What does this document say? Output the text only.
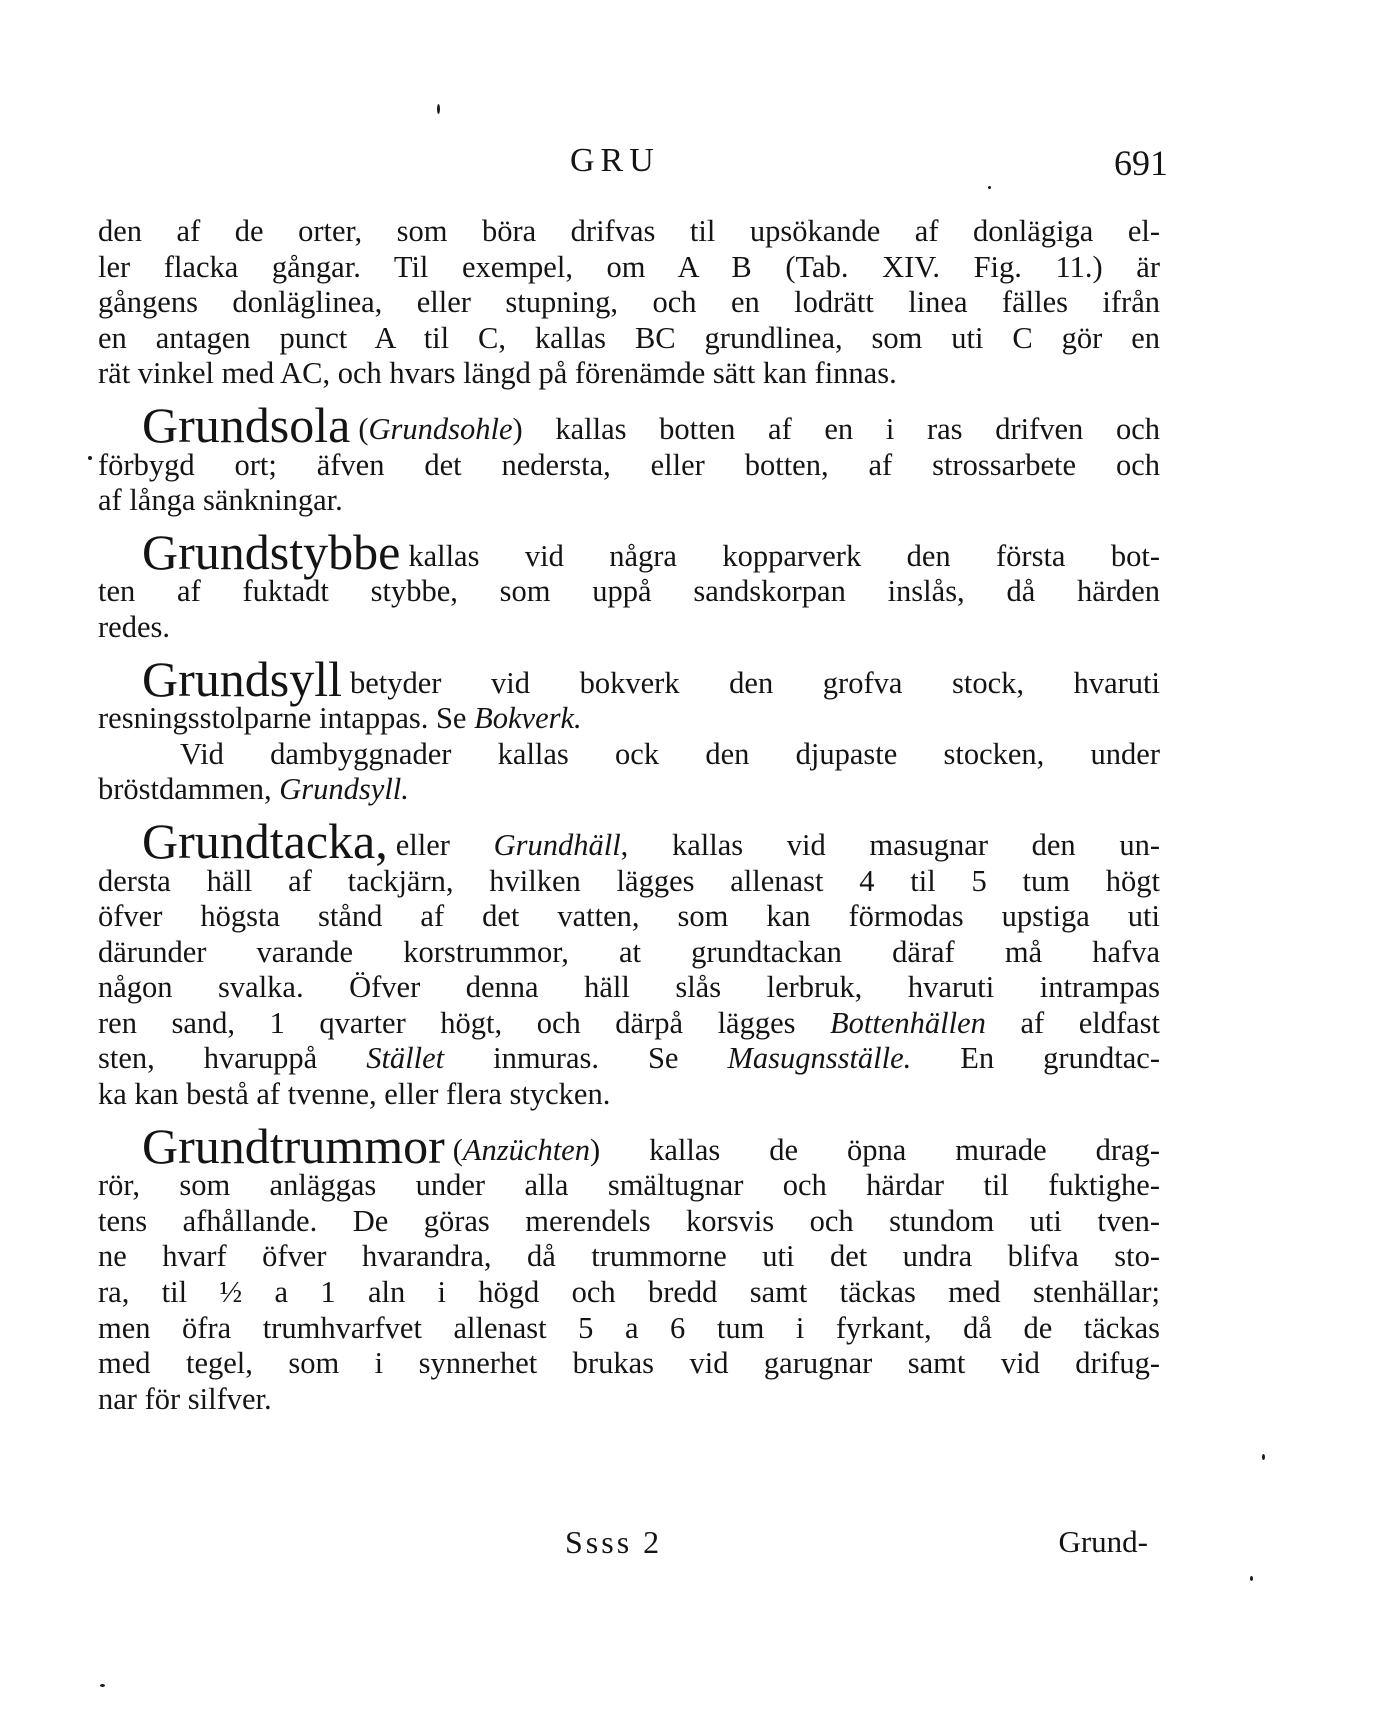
GRU	691
den af de orter, som böra drifvas til upsökande af donlägiga el-
ler flacka gångar. Til exempel, om A B (Tab. XIV. Fig. 11.) är
gångens donläglinea, eller stupning, och en lodrätt linea fälles ifrån
en antagen punct A til C, kallas BC grundlinea, som uti C gör en
rät vinkel med AC, och hvars längd på förenämde sätt kan finnas.
Grundsola (Grundsohle) kallas botten af en i ras drifven och
förbygd ort; äfven det nedersta, eller botten, af strossarbete och
af långa sänkningar.
Grundstybbe kallas vid några kopparverk den första bot-
ten af fuktadt stybbe, som uppå sandskorpan inslås, då härden
redes.
Grundsyll betyder vid bokverk den grofva stock, hvaruti
resningsstolparne intappas. Se Bokverk.
Vid dambyggnader kallas ock den djupaste stocken, under
bröstdammen, Grundsyll.
Grundtacka, eller Grundhäll, kallas vid masugnar den un-
dersta häll af tackjärn, hvilken lägges allenast 4 til 5 tum högt
öfver högsta stånd af det vatten, som kan förmodas upstiga uti
därunder varande korstrummor, at grundtackan däraf må hafva
någon svalka. Öfver denna häll slås lerbruk, hvaruti intrampas
ren sand, 1 qvarter högt, och därpå lägges Bottenhällen af eldfast
sten, hvaruppå Stället inmuras. Se Masugnsställe. En grundtac-
ka kan bestå af tvenne, eller flera stycken.
Grundtrummor (Anzüchten) kallas de öpna murade drag-
rör, som anläggas under alla smältugnar och härdar til fuktighe-
tens afhållande. De göras merendels korsvis och stundom uti tven-
ne hvarf öfver hvarandra, då trummorne uti det undra blifva sto-
ra, til ½ a 1 aln i högd och bredd samt täckas med stenhällar;
men öfra trumhvarfvet allenast 5 a 6 tum i fyrkant, då de täckas
med tegel, som i synnerhet brukas vid garugnar samt vid drifug-
nar för silfver.
Ssss 2	Grund-
